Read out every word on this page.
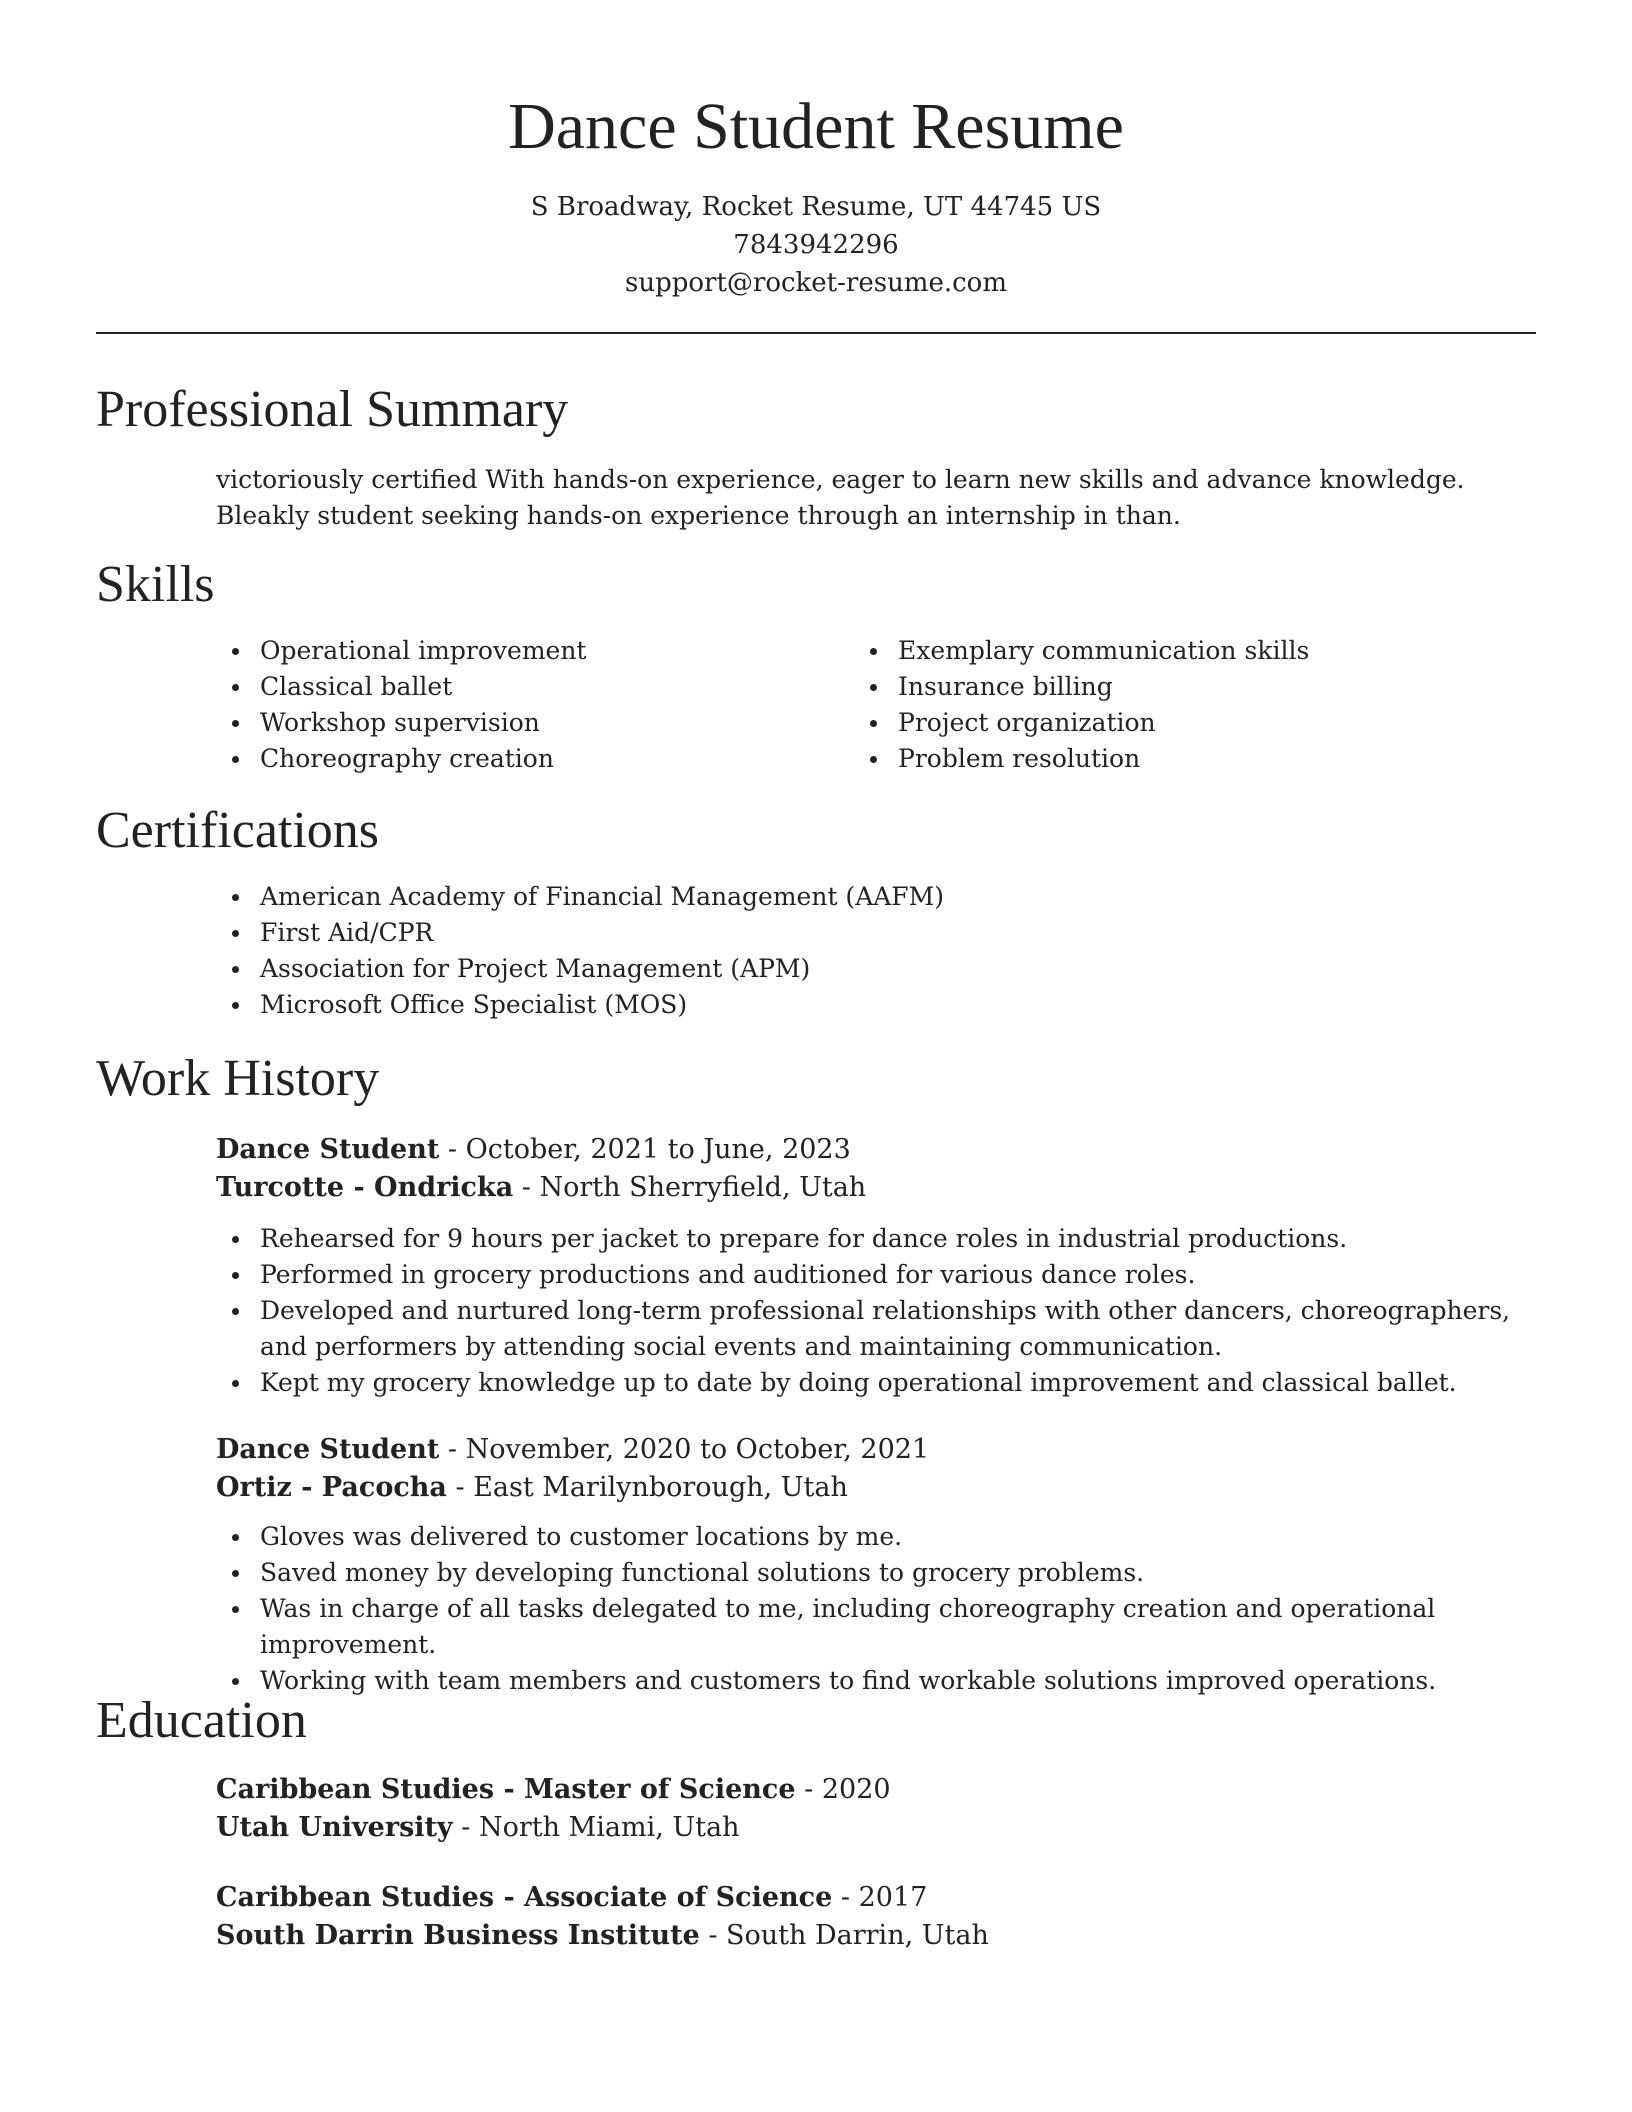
Dance Student Resume
S Broadway, Rocket Resume, UT 44745 US
7843942296
support@rocket-resume.com
Professional Summary

victoriously certified With hands-on experience, eager to learn new skills and advance knowledge. Bleakly student seeking hands-on experience through an internship in than.

Skills
Operational improvement
Classical ballet
Workshop supervision
Choreography creation
Exemplary communication skills
Insurance billing
Project organization
Problem resolution
Certifications
American Academy of Financial Management (AAFM)
First Aid/CPR
Association for Project Management (APM)
Microsoft Office Specialist (MOS)
Work History
Dance Student - October, 2021 to June, 2023
Turcotte - Ondricka - North Sherryfield, Utah
Rehearsed for 9 hours per jacket to prepare for dance roles in industrial productions.
Performed in grocery productions and auditioned for various dance roles.
Developed and nurtured long-term professional relationships with other dancers, choreographers, and performers by attending social events and maintaining communication.
Kept my grocery knowledge up to date by doing operational improvement and classical ballet.
Dance Student - November, 2020 to October, 2021
Ortiz - Pacocha - East Marilynborough, Utah
Gloves was delivered to customer locations by me.
Saved money by developing functional solutions to grocery problems.
Was in charge of all tasks delegated to me, including choreography creation and operational improvement.
Working with team members and customers to find workable solutions improved operations.
Education
Caribbean Studies - Master of Science - 2020
Utah University - North Miami, Utah
Caribbean Studies - Associate of Science - 2017
South Darrin Business Institute - South Darrin, Utah
